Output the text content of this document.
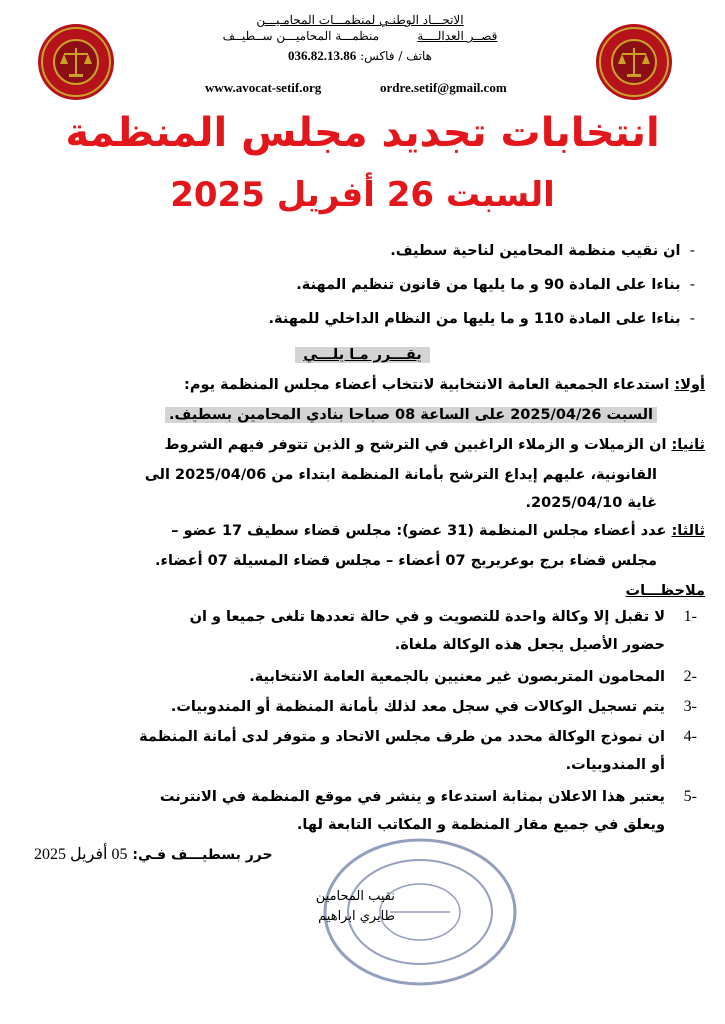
الاتحـــاد الوطنـي لمنظمـــات المحامـيـــن
قصــر العدالــــة          منظمـــة المحاميـــن ســطيــف
هاتف / فاكس: 036.82.13.86
www.avocat-setif.org	ordre.setif@gmail.com
انتخابات تجديد مجلس المنظمة
السبت 26 أفريل 2025
-  ان نقيب منظمة المحامين لناحية سطيف.
-  بناءا على المادة 90 و ما يليها من قانون تنظيم المهنة.
-  بناءا على المادة 110 و ما يليها من النظام الداخلي للمهنة.
يقـــرر مـا يلـــي
أولا: استدعاء الجمعية العامة الانتخابية لانتخاب أعضاء مجلس المنظمة يوم:
السبت 2025/04/26 على الساعة 08 صباحا بنادي المحامين بسطيف.
ثانيا: ان الزميلات و الزملاء الراغبين في الترشح و الذين تتوفر فيهم الشروط
القانونية، عليهم إيداع الترشح بأمانة المنظمة ابتداء من 2025/04/06 الى
غاية 2025/04/10.
ثالثا: عدد أعضاء مجلس المنظمة (31 عضو): مجلس قضاء سطيف 17 عضو –
مجلس قضاء برج بوعريريج 07 أعضاء – مجلس قضاء المسيلة 07 أعضاء.
ملاحظـــات
1-
لا تقبل إلا وكالة واحدة للتصويت و في حالة تعددها تلغى جميعا و ان
حضور الأصيل يجعل هذه الوكالة ملغاة.
2-
المحامون المتربصون غير معنيين بالجمعية العامة الانتخابية.
3-
يتم تسجيل الوكالات في سجل معد لذلك بأمانة المنظمة أو المندوبيات.
4-
ان نموذج الوكالة محدد من طرف مجلس الاتحاد و متوفر لدى أمانة المنظمة
أو المندوبيات.
5-
يعتبر هذا الاعلان بمثابة استدعاء و ينشر في موقع المنظمة في الانترنت
ويعلق في جميع مقار المنظمة و المكاتب التابعة لها.
حرر بسطيـــف فـي: 05 أفريل 2025
نقيب المحامين
طايري ابراهيم
